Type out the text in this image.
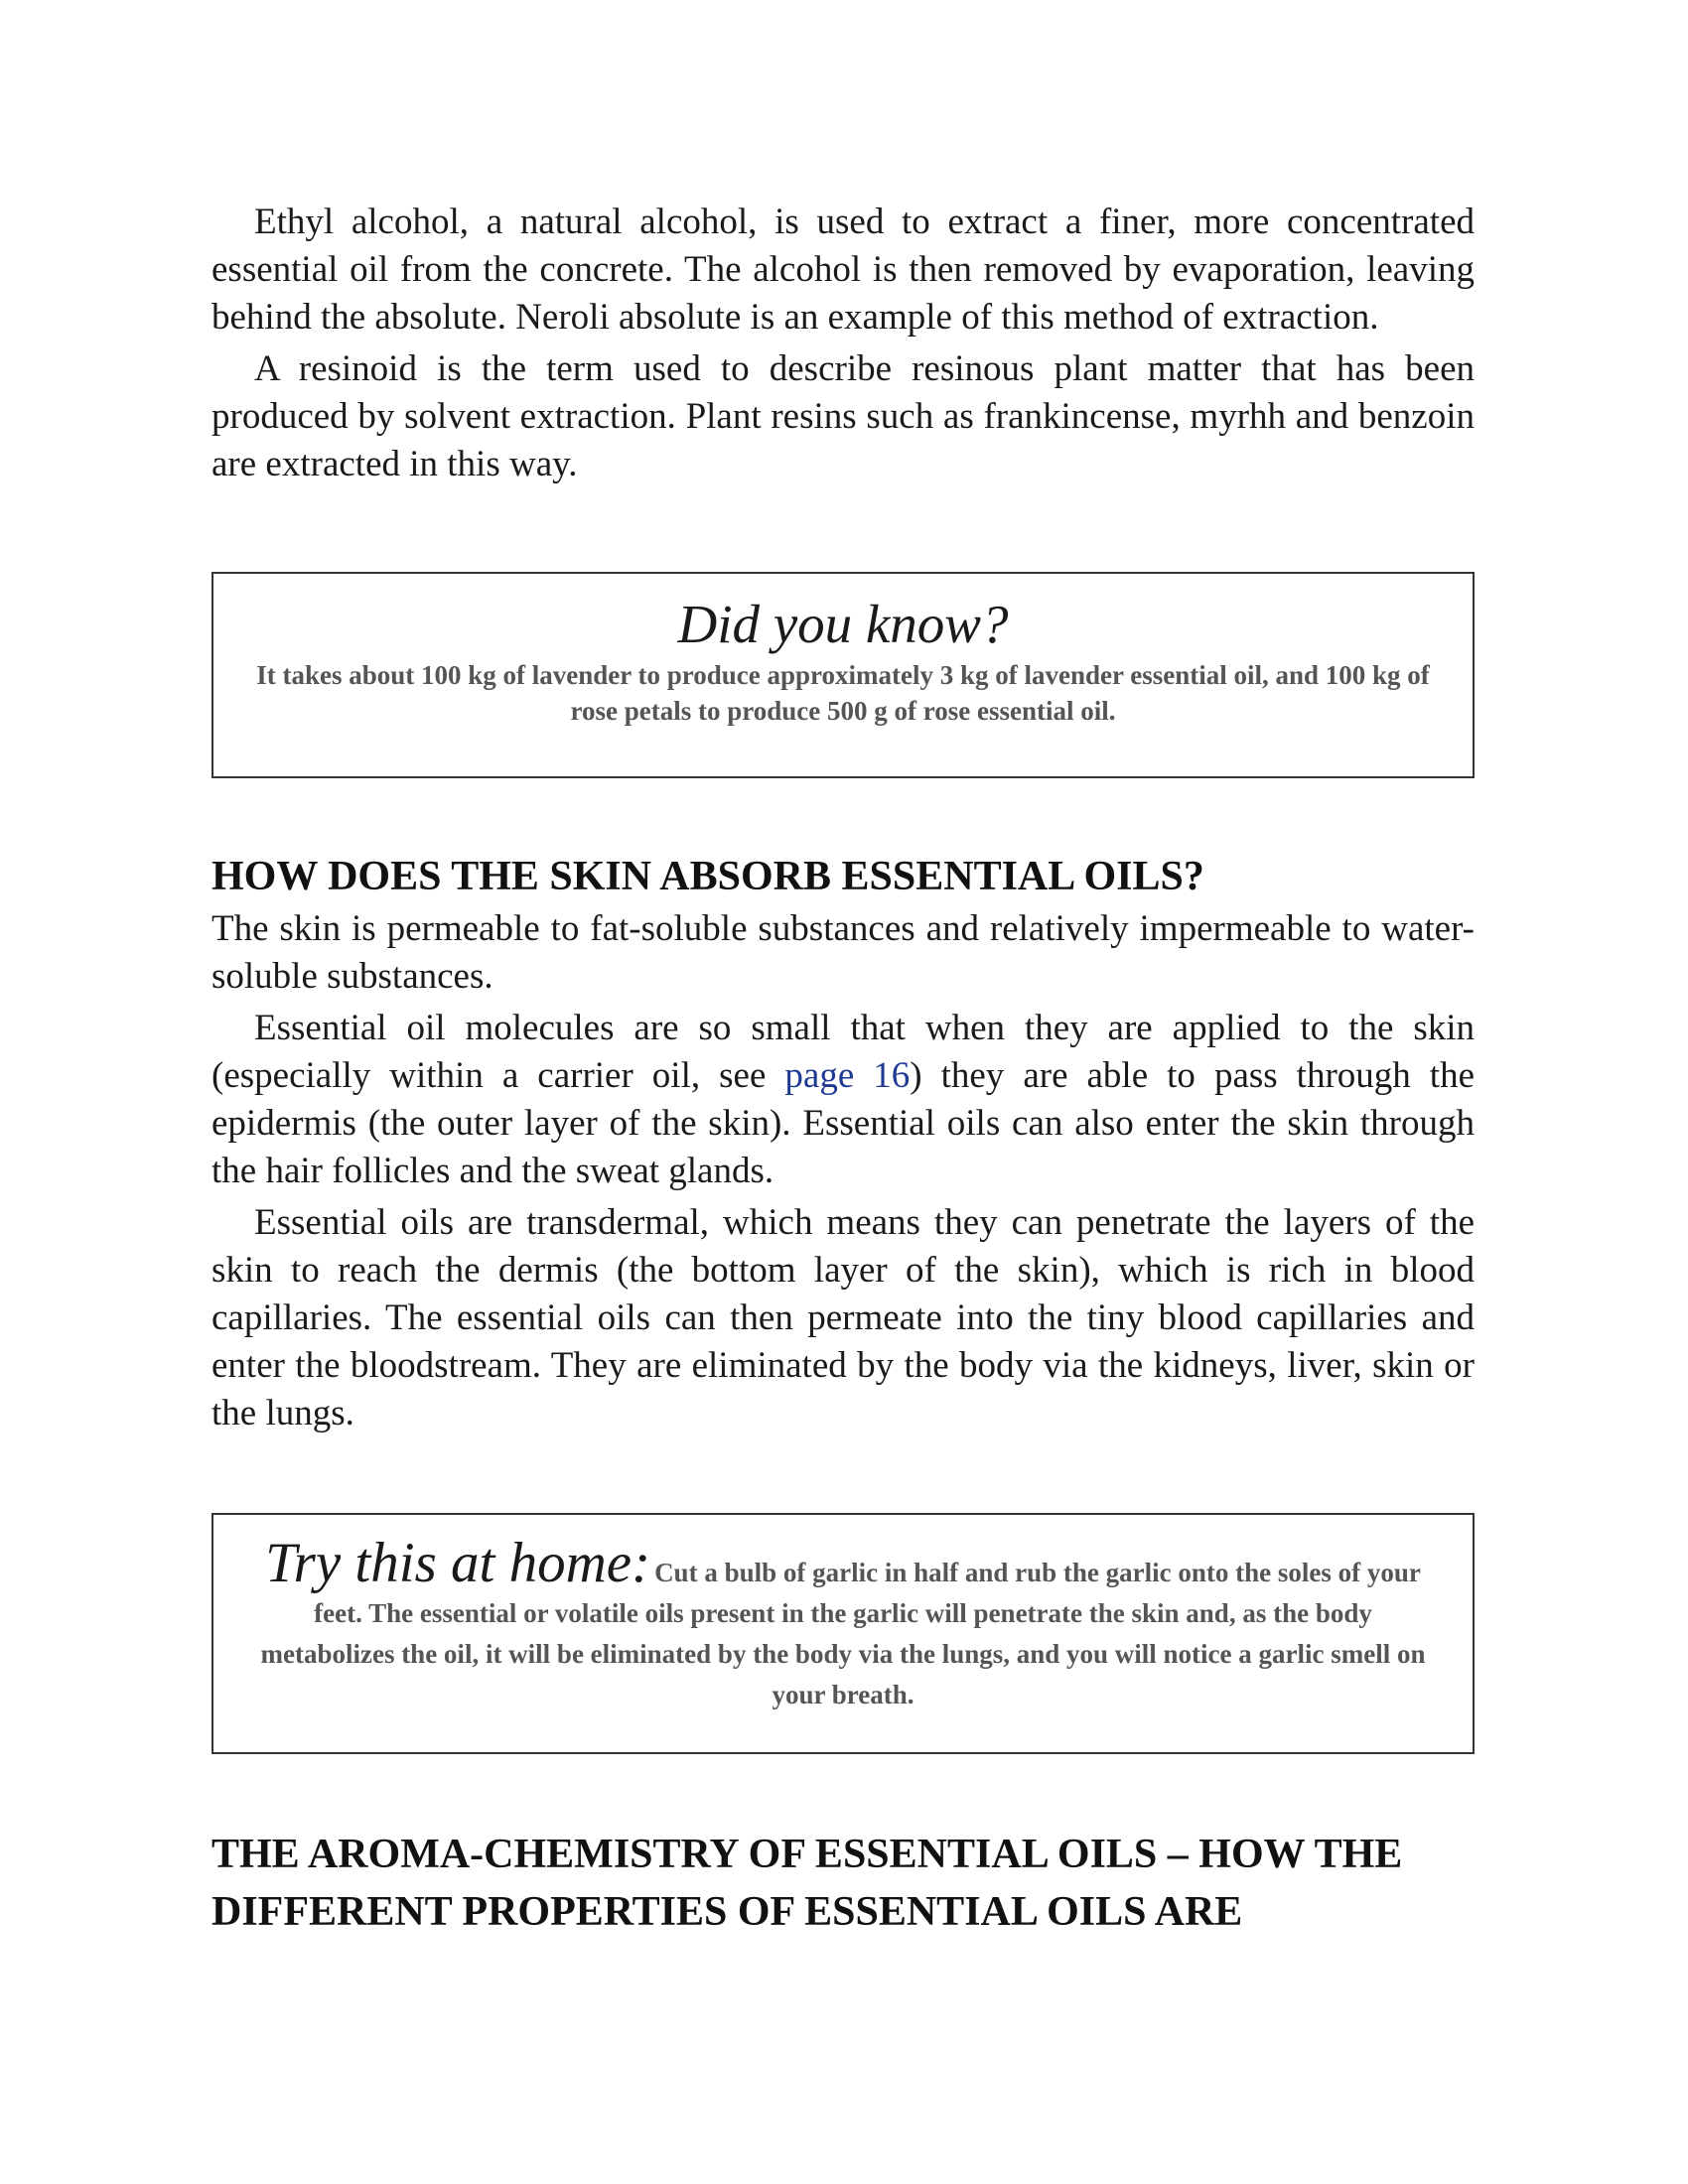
Ethyl alcohol, a natural alcohol, is used to extract a finer, more concentrated essential oil from the concrete. The alcohol is then removed by evaporation, leaving behind the absolute. Neroli absolute is an example of this method of extraction.

A resinoid is the term used to describe resinous plant matter that has been produced by solvent extraction. Plant resins such as frankincense, myrhh and benzoin are extracted in this way.

Did you know?
It takes about 100 kg of lavender to produce approximately 3 kg of lavender essential oil, and 100 kg of rose petals to produce 500 g of rose essential oil.
HOW DOES THE SKIN ABSORB ESSENTIAL OILS?

The skin is permeable to fat-soluble substances and relatively impermeable to water-soluble substances.

Essential oil molecules are so small that when they are applied to the skin (especially within a carrier oil, see page 16) they are able to pass through the epidermis (the outer layer of the skin). Essential oils can also enter the skin through the hair follicles and the sweat glands.

Essential oils are transdermal, which means they can penetrate the layers of the skin to reach the dermis (the bottom layer of the skin), which is rich in blood capillaries. The essential oils can then permeate into the tiny blood capillaries and enter the bloodstream. They are eliminated by the body via the kidneys, liver, skin or the lungs.

Try this at home: Cut a bulb of garlic in half and rub the garlic onto the soles of your feet. The essential or volatile oils present in the garlic will penetrate the skin and, as the body metabolizes the oil, it will be eliminated by the body via the lungs, and you will notice a garlic smell on your breath.
THE AROMA-CHEMISTRY OF ESSENTIAL OILS – HOW THE DIFFERENT PROPERTIES OF ESSENTIAL OILS ARE
